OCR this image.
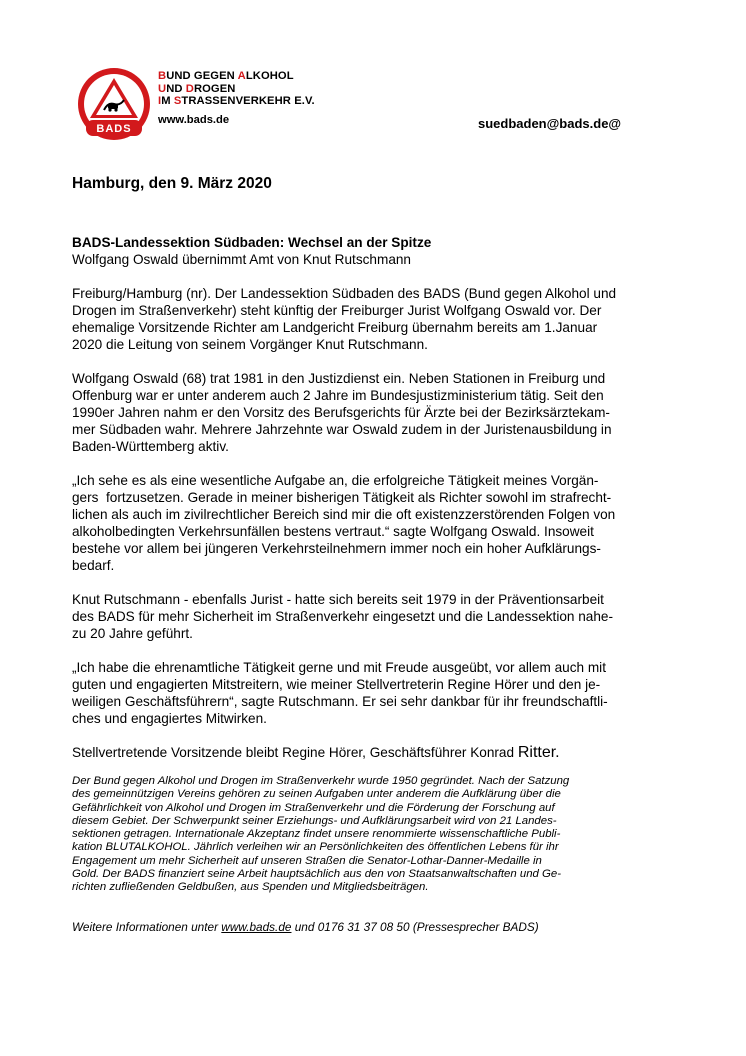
BADS
BUND GEGEN ALKOHOL
UND DROGEN
IM STRASSENVERKEHR E.V.
www.bads.de	suedbaden@bads.de@
Hamburg, den 9. März 2020
BADS-Landessektion Südbaden: Wechsel an der Spitze
Wolfgang Oswald übernimmt Amt von Knut Rutschmann
Freiburg/Hamburg (nr). Der Landessektion Südbaden des BADS (Bund gegen Alkohol und
Drogen im Straßenverkehr) steht künftig der Freiburger Jurist Wolfgang Oswald vor. Der
ehemalige Vorsitzende Richter am Landgericht Freiburg übernahm bereits am 1.Januar
2020 die Leitung von seinem Vorgänger Knut Rutschmann.
Wolfgang Oswald (68) trat 1981 in den Justizdienst ein. Neben Stationen in Freiburg und
Offenburg war er unter anderem auch 2 Jahre im Bundesjustizministerium tätig. Seit den
1990er Jahren nahm er den Vorsitz des Berufsgerichts für Ärzte bei der Bezirksärztekam-
mer Südbaden wahr. Mehrere Jahrzehnte war Oswald zudem in der Juristenausbildung in
Baden-Württemberg aktiv.
„Ich sehe es als eine wesentliche Aufgabe an, die erfolgreiche Tätigkeit meines Vorgän-
gers  fortzusetzen. Gerade in meiner bisherigen Tätigkeit als Richter sowohl im strafrecht-
lichen als auch im zivilrechtlicher Bereich sind mir die oft existenzzerstörenden Folgen von
alkoholbedingten Verkehrsunfällen bestens vertraut.“ sagte Wolfgang Oswald. Insoweit
bestehe vor allem bei jüngeren Verkehrsteilnehmern immer noch ein hoher Aufklärungs-
bedarf.
Knut Rutschmann - ebenfalls Jurist - hatte sich bereits seit 1979 in der Präventionsarbeit
des BADS für mehr Sicherheit im Straßenverkehr eingesetzt und die Landessektion nahe-
zu 20 Jahre geführt.
„Ich habe die ehrenamtliche Tätigkeit gerne und mit Freude ausgeübt, vor allem auch mit
guten und engagierten Mitstreitern, wie meiner Stellvertreterin Regine Hörer und den je-
weiligen Geschäftsführern“, sagte Rutschmann. Er sei sehr dankbar für ihr freundschaftli-
ches und engagiertes Mitwirken.
Stellvertretende Vorsitzende bleibt Regine Hörer, Geschäftsführer Konrad Ritter.
Der Bund gegen Alkohol und Drogen im Straßenverkehr wurde 1950 gegründet. Nach der Satzung
des gemeinnützigen Vereins gehören zu seinen Aufgaben unter anderem die Aufklärung über die
Gefährlichkeit von Alkohol und Drogen im Straßenverkehr und die Förderung der Forschung auf
diesem Gebiet. Der Schwerpunkt seiner Erziehungs- und Aufklärungsarbeit wird von 21 Landes-
sektionen getragen. Internationale Akzeptanz findet unsere renommierte wissenschaftliche Publi-
kation BLUTALKOHOL. Jährlich verleihen wir an Persönlichkeiten des öffentlichen Lebens für ihr
Engagement um mehr Sicherheit auf unseren Straßen die Senator-Lothar-Danner-Medaille in
Gold. Der BADS finanziert seine Arbeit hauptsächlich aus den von Staatsanwaltschaften und Ge-
richten zufließenden Geldbußen, aus Spenden und Mitgliedsbeiträgen.
Weitere Informationen unter www.bads.de und 0176 31 37 08 50 (Pressesprecher BADS)
